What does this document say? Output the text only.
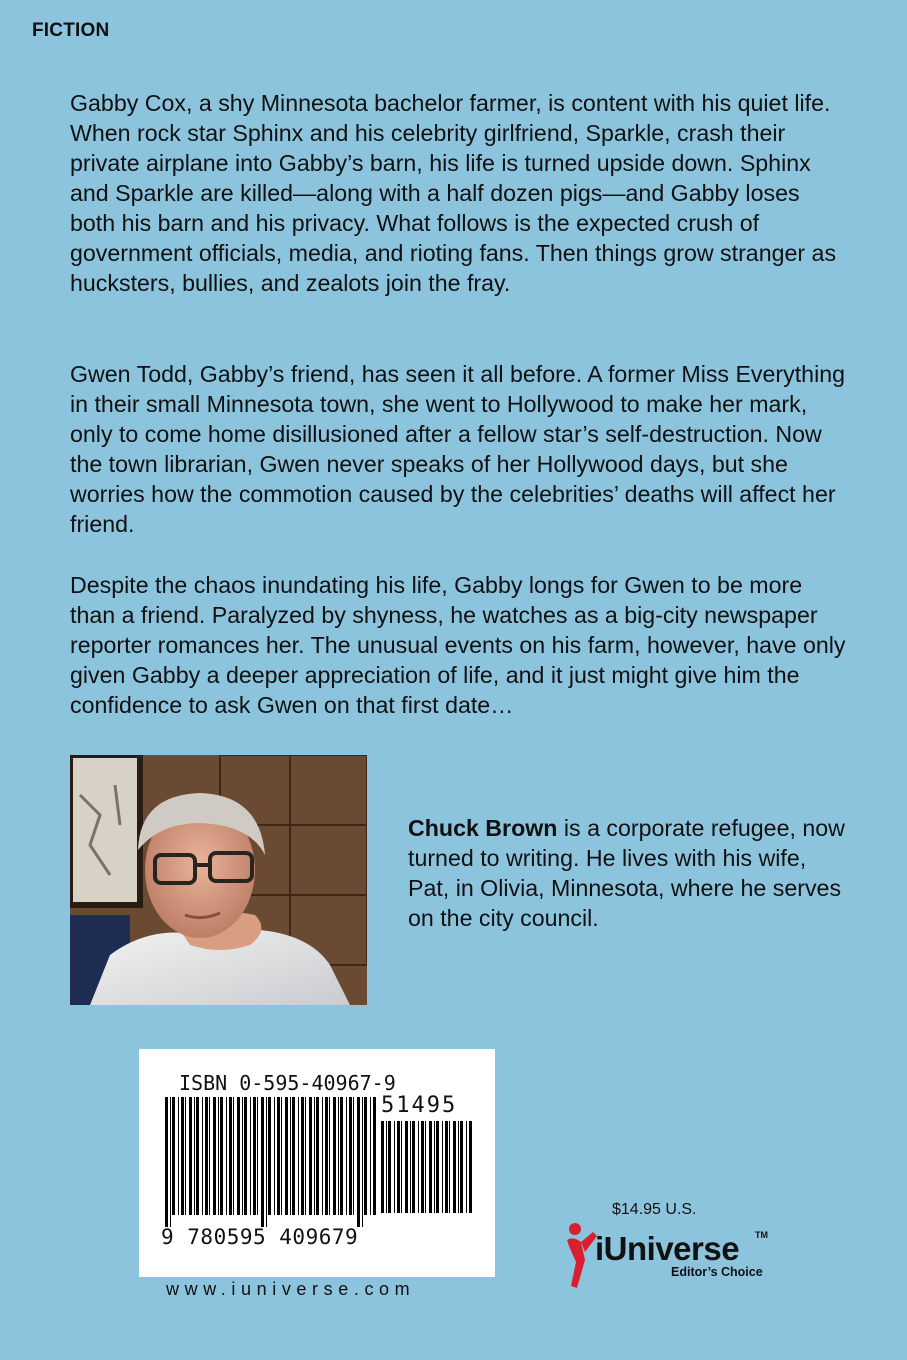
FICTION

Gabby Cox, a shy Minnesota bachelor farmer, is content with his quiet life. When rock star Sphinx and his celebrity girlfriend, Sparkle, crash their private airplane into Gabby’s barn, his life is turned upside down. Sphinx and Sparkle are killed—along with a half dozen pigs—and Gabby loses both his barn and his privacy. What follows is the expected crush of government officials, media, and rioting fans. Then things grow stranger as hucksters, bullies, and zealots join the fray.

Gwen Todd, Gabby’s friend, has seen it all before. A former Miss Everything in their small Minnesota town, she went to Hollywood to make her mark, only to come home disillusioned after a fellow star’s self-destruction. Now the town librarian, Gwen never speaks of her Hollywood days, but she worries how the commotion caused by the celebrities’ deaths will affect her friend.

Despite the chaos inundating his life, Gabby longs for Gwen to be more than a friend. Paralyzed by shyness, he watches as a big-city newspaper reporter romances her. The unusual events on his farm, however, have only given Gabby a deeper appreciation of life, and it just might give him the confidence to ask Gwen on that first date…

Chuck Brown is a corporate refugee, now turned to writing. He lives with his wife, Pat, in Olivia, Minnesota, where he serves on the city council.

ISBN 0-595-40967-9
51495
9 780595 409679
www.iuniverse.com
$14.95 U.S.
iUniverse TM
Editor’s Choice
